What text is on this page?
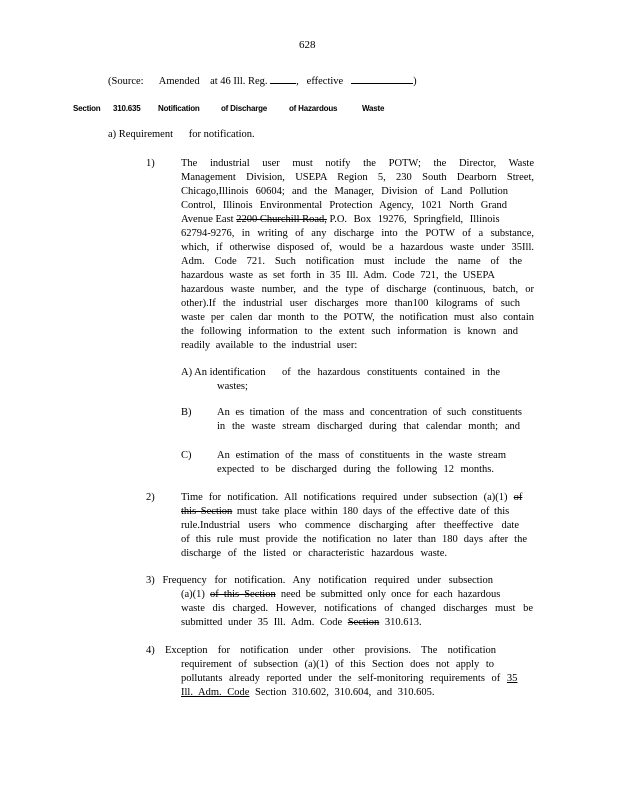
628
(Source: Amended at 46 Ill. Reg.	, effective	)
Section 310.635 Notification	of Discharge	of Hazardous	Waste
a) Requirement for notification.
1)	The industrial user must notify the POTW; the Director, Waste
Management Division, USEPA Region 5, 230 South Dearborn Street,
Chicago,Illinois 60604; and the Manager, Division of Land Pollution
Control, Illinois Environmental Protection Agency, 1021 North Grand
Avenue East 2200 Churchill Road, P.O. Box 19276, Springfield, Illinois
62794-9276, in writing of any discharge into the POTW of a substance,
which, if otherwise disposed of, would be a hazardous waste under 35Ill.
Adm. Code 721. Such notification must include the name of the
hazardous waste as set forth in 35 Ill. Adm. Code 721, the USEPA
hazardous waste number, and the type of discharge (continuous, batch, or
other).If the industrial user discharges more than100 kilograms of such
waste per calen dar month to the POTW, the notification must also contain
the following information to the extent such information is known and
readily available to the industrial user:
A) An identification of the hazardous constituents contained in the
wastes;
B) An es timation of the mass and concentration of such constituents
in the waste stream discharged during that calendar month; and
C) An estimation of the mass of constituents in the waste stream
expected to be discharged during the following 12 months.
2)	Time for notification. All notifications required under subsection (a)(1) of
this Section must take place within 180 days of the effective date of this
rule.Industrial users who commence discharging after theeffective date
of this rule must provide the notification no later than 180 days after the
discharge of the listed or characteristic hazardous waste.
3) Frequency for notification. Any notification required under subsection
(a)(1) of this Section need be submitted only once for each hazardous
waste dis charged. However, notifications of changed discharges must be
submitted under 35 Ill. Adm. Code Section 310.613.
4) Exception for notification under other provisions. The notification
requirement of subsection (a)(1) of this Section does not apply to
pollutants already reported under the self-monitoring requirements of 35
Ill. Adm. Code Section 310.602, 310.604, and 310.605.
